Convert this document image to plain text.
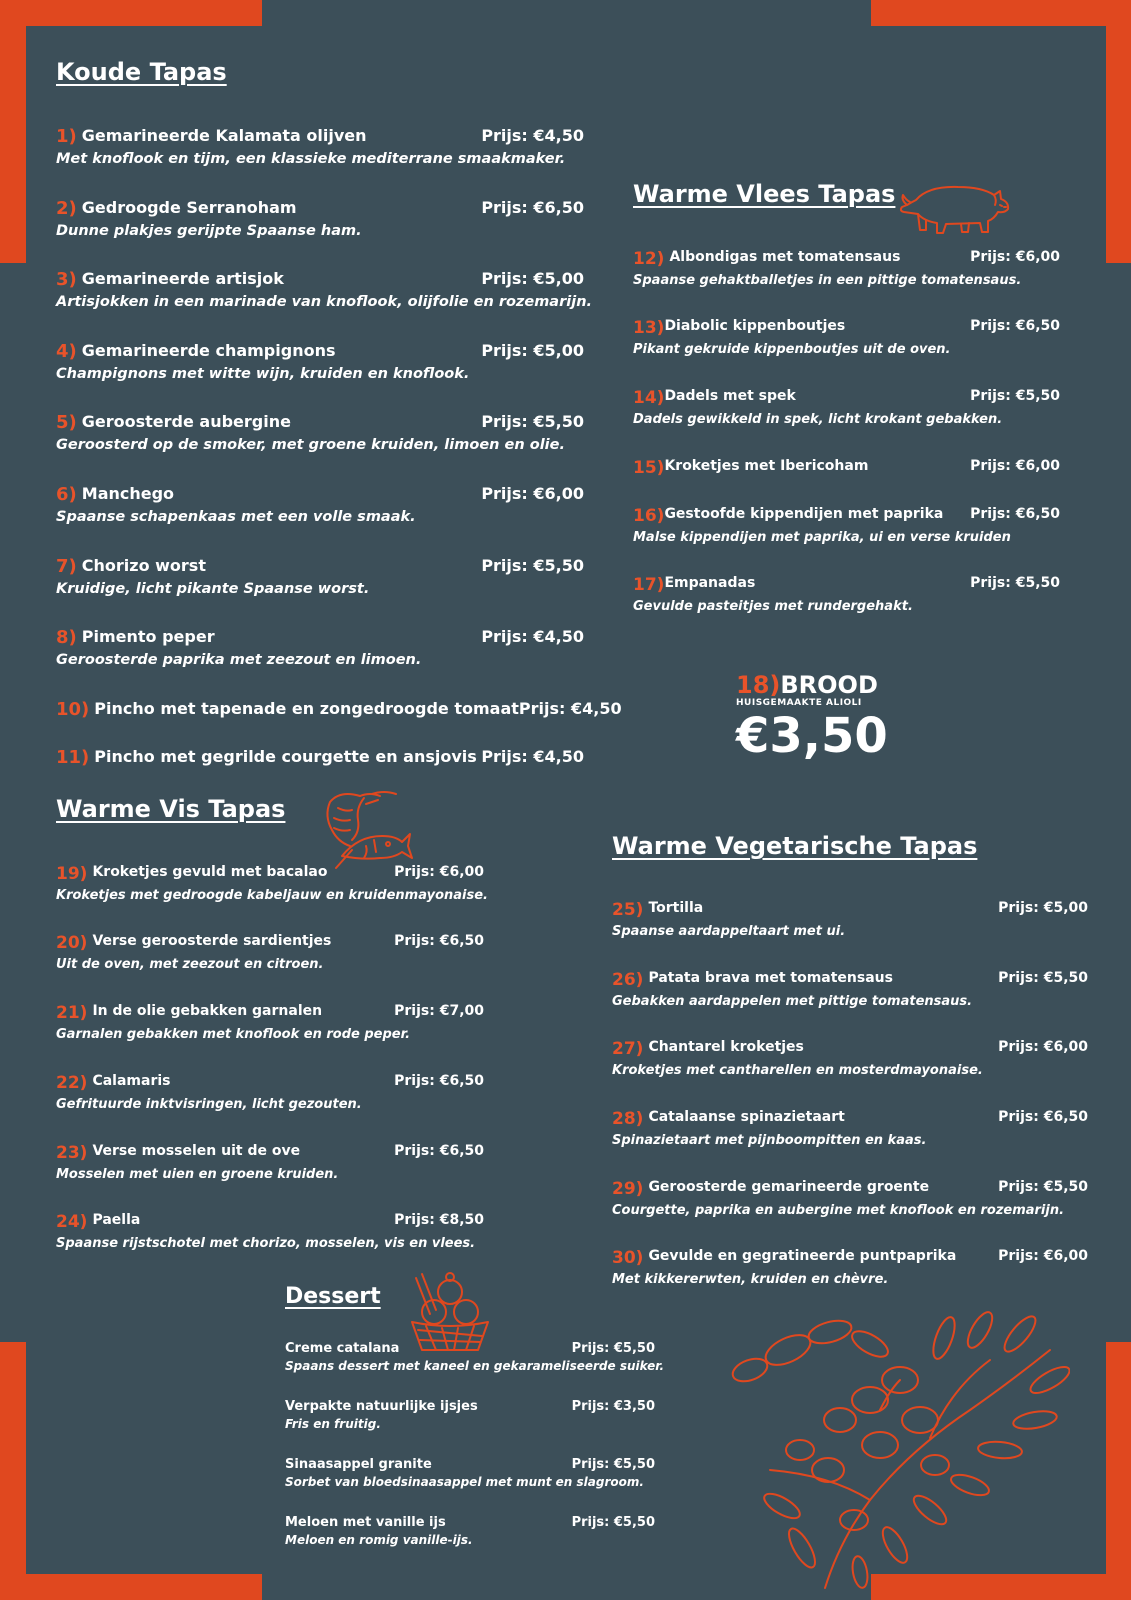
Koude Tapas
1) Gemarineerde Kalamata olijven	Prijs: €4,50
Met knoflook en tijm, een klassieke mediterrane smaakmaker.
2) Gedroogde Serranoham	Prijs: €6,50
Dunne plakjes gerijpte Spaanse ham.
3) Gemarineerde artisjok	Prijs: €5,00
Artisjokken in een marinade van knoflook, olijfolie en rozemarijn.
4) Gemarineerde champignons	Prijs: €5,00
Champignons met witte wijn, kruiden en knoflook.
5) Geroosterde aubergine	Prijs: €5,50
Geroosterd op de smoker, met groene kruiden, limoen en olie.
6) Manchego	Prijs: €6,00
Spaanse schapenkaas met een volle smaak.
7) Chorizo worst	Prijs: €5,50
Kruidige, licht pikante Spaanse worst.
8) Pimento peper	Prijs: €4,50
Geroosterde paprika met zeezout en limoen.
10) Pincho met tapenade en zongedroogde tomaat Prijs: €4,50
11) Pincho met gegrilde courgette en ansjovis Prijs: €4,50
Warme Vlees Tapas
12) Albondigas met tomatensaus	Prijs: €6,00
Spaanse gehaktballetjes in een pittige tomatensaus.
13) Diabolic kippenboutjes	Prijs: €6,50
Pikant gekruide kippenboutjes uit de oven.
14) Dadels met spek	Prijs: €5,50
Dadels gewikkeld in spek, licht krokant gebakken.
15) Kroketjes met Ibericoham	Prijs: €6,00
16) Gestoofde kippendijen met paprika Prijs: €6,50
Malse kippendijen met paprika, ui en verse kruiden
17) Empanadas	Prijs: €5,50
Gevulde pasteitjes met rundergehakt.
18)BROOD
HUISGEMAAKTE ALIOLI
€3,50
Warme Vis Tapas
19) Kroketjes gevuld met bacalao	Prijs: €6,00
Kroketjes met gedroogde kabeljauw en kruidenmayonaise.
20) Verse geroosterde sardientjes	Prijs: €6,50
Uit de oven, met zeezout en citroen.
21) In de olie gebakken garnalen	Prijs: €7,00
Garnalen gebakken met knoflook en rode peper.
22) Calamaris	Prijs: €6,50
Gefrituurde inktvisringen, licht gezouten.
23) Verse mosselen uit de ove	Prijs: €6,50
Mosselen met uien en groene kruiden.
24) Paella	Prijs: €8,50
Spaanse rijstschotel met chorizo, mosselen, vis en vlees.
Warme Vegetarische Tapas
25) Tortilla	Prijs: €5,00
Spaanse aardappeltaart met ui.
26) Patata brava met tomatensaus	Prijs: €5,50
Gebakken aardappelen met pittige tomatensaus.
27) Chantarel kroketjes	Prijs: €6,00
Kroketjes met cantharellen en mosterdmayonaise.
28) Catalaanse spinazietaart	Prijs: €6,50
Spinazietaart met pijnboompitten en kaas.
29) Geroosterde gemarineerde groente	Prijs: €5,50
Courgette, paprika en aubergine met knoflook en rozemarijn.
30) Gevulde en gegratineerde puntpaprika	Prijs: €6,00
Met kikkererwten, kruiden en chèvre.
Dessert
Creme catalana	Prijs: €5,50
Spaans dessert met kaneel en gekarameliseerde suiker.
Verpakte natuurlijke ijsjes	Prijs: €3,50
Fris en fruitig.
Sinaasappel granite	Prijs: €5,50
Sorbet van bloedsinaasappel met munt en slagroom.
Meloen met vanille ijs	Prijs: €5,50
Meloen en romig vanille-ijs.
